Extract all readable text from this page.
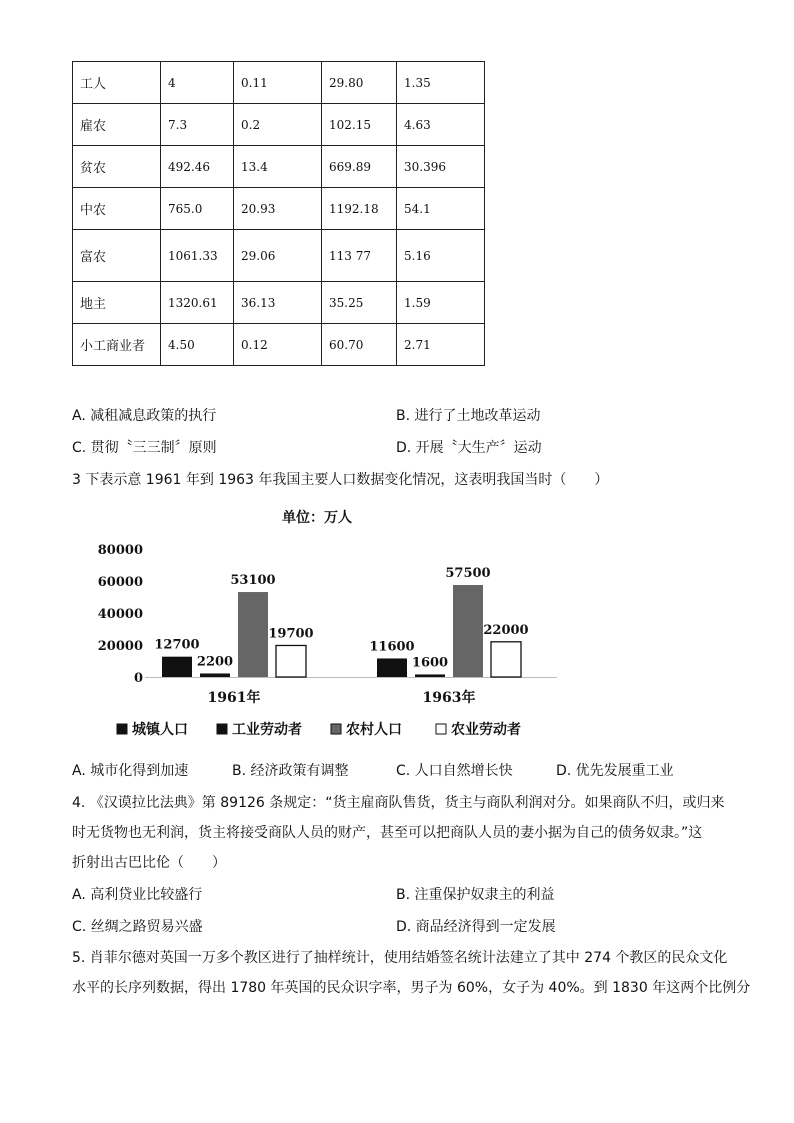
工人	4	0.11	29.80	1.35
雇农	7.3	0.2	102.15	4.63
贫农	492.46	13.4	669.89	30.396
中农	765.0	20.93	1192.18	54.1
富农	1061.33	29.06	113 77	5.16
地主	1320.61	36.13	35.25	1.59
小工商业者	4.50	0.12	60.70	2.71
A. 减租减息政策的执行	B. 进行了土地改革运动
C. 贯彻〝三三制〞原则	D. 开展〝大生产〞运动
3 下表示意 1961 年到 1963 年我国主要人口数据变化情况，这表明我国当时（　　）
单位：万人
0
20000
40000
60000
80000
1961年	1963年
12700
2200
53100
19700
11600
1600
57500
22000
城镇人口	工业劳动者	农村人口	农业劳动者
A. 城市化得到加速	B. 经济政策有调整	C. 人口自然增长快	D. 优先发展重工业
4. 《汉谟拉比法典》第 89126 条规定：“货主雇商队售货，货主与商队利润对分。如果商队不归，或归来
时无货物也无利润，货主将接受商队人员的财产，甚至可以把商队人员的妻小据为自己的债务奴隶。”这
折射出古巴比伦（　　）
A. 高利贷业比较盛行	B. 注重保护奴隶主的利益
C. 丝绸之路贸易兴盛	D. 商品经济得到一定发展
5. 肖菲尔德对英国一万多个教区进行了抽样统计，使用结婚签名统计法建立了其中 274 个教区的民众文化
水平的长序列数据，得出 1780 年英国的民众识字率，男子为 60%，女子为 40%。到 1830 年这两个比例分
